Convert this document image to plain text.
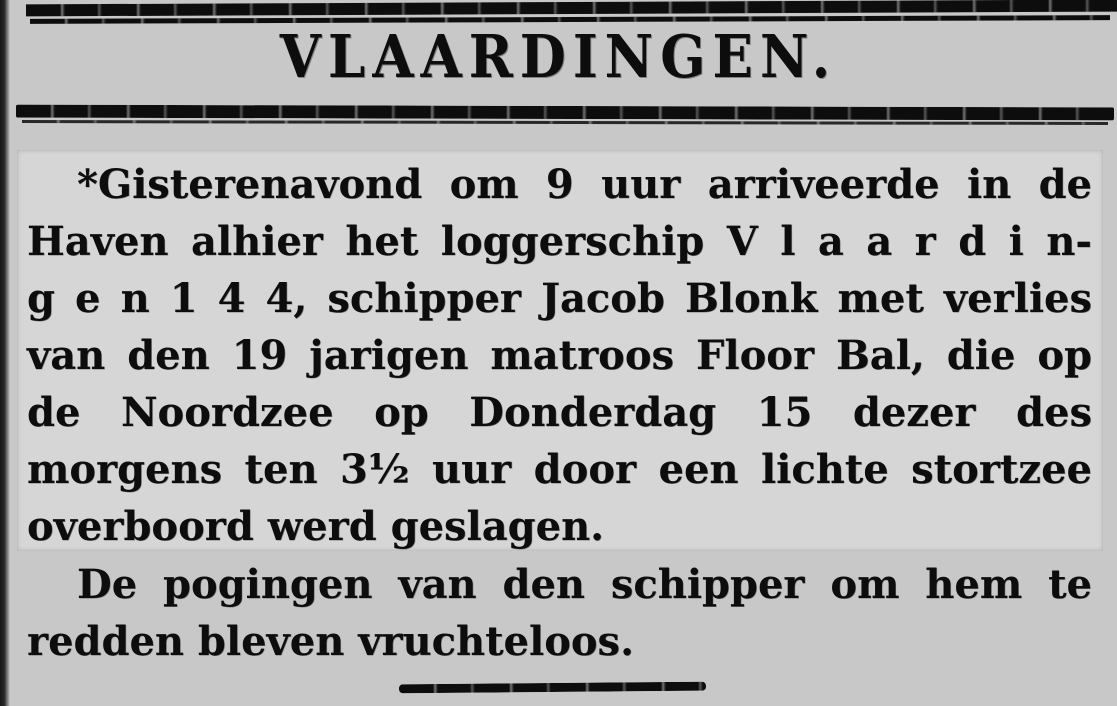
VLAARDINGEN.
*Gisterenavond om 9 uur arriveerde in de
Haven alhier het loggerschip V l a a r d i n-
g e n 1 4 4, schipper Jacob Blonk met verlies
van den 19 jarigen matroos Floor Bal, die op
de Noordzee op Donderdag 15 dezer des
morgens ten 3½ uur door een lichte stortzee
overboord werd geslagen.
De pogingen van den schipper om hem te
redden bleven vruchteloos.
